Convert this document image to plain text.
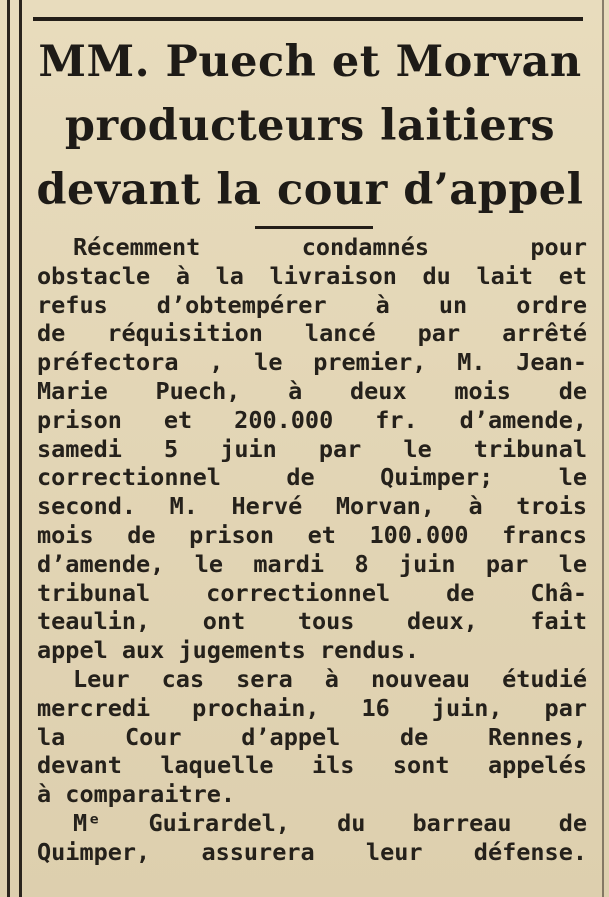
MM. Puech et Morvan
producteurs laitiers
devant la cour d’appel
Récemment condamnés pour
obstacle à la livraison du lait et
refus d’obtempérer à un ordre
de réquisition lancé par arrêté
préfectora , le premier, M. Jean-
Marie Puech, à deux mois de
prison et 200.000 fr. d’amende,
samedi 5 juin par le tribunal
correctionnel de Quimper; le
second. M. Hervé Morvan, à trois
mois de prison et 100.000 francs
d’amende, le mardi 8 juin par le
tribunal correctionnel de Châ-
teaulin, ont tous deux, fait
appel aux jugements rendus.
Leur cas sera à nouveau étudié
mercredi prochain, 16 juin, par
la Cour d’appel de Rennes,
devant laquelle ils sont appelés
à comparaitre.
Mᵉ Guirardel, du barreau de
Quimper, assurera leur défense.
